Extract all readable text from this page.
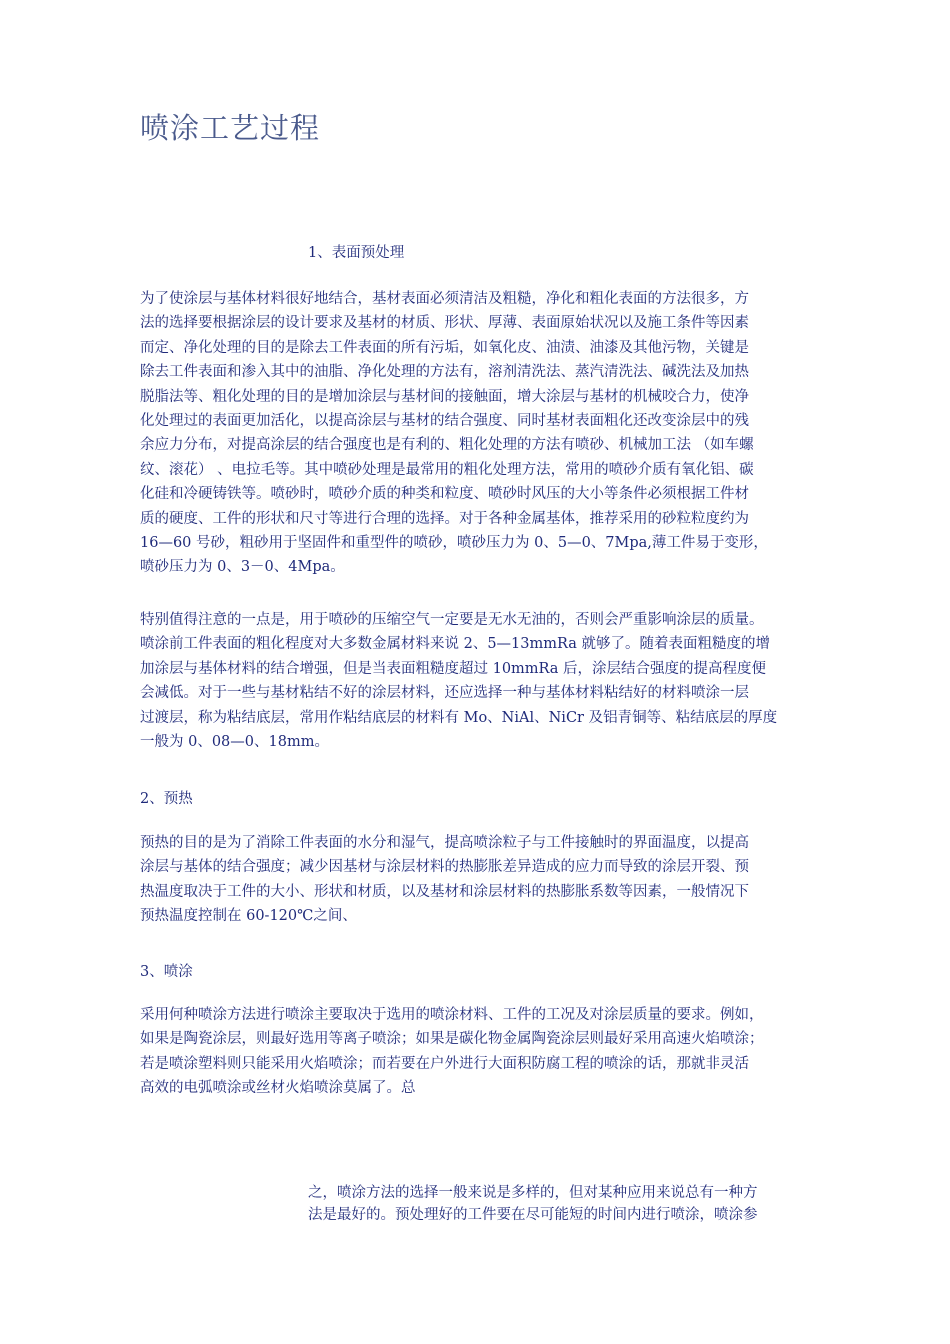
喷涂工艺过程
1、表面预处理
为了使涂层与基体材料很好地结合，基材表面必须清洁及粗糙，净化和粗化表面的方法很多，方
法的选择要根据涂层的设计要求及基材的材质、形状、厚薄、表面原始状况以及施工条件等因素
而定、净化处理的目的是除去工件表面的所有污垢，如氧化皮、油渍、油漆及其他污物，关键是
除去工件表面和渗入其中的油脂、净化处理的方法有，溶剂清洗法、蒸汽清洗法、碱洗法及加热
脱脂法等、粗化处理的目的是增加涂层与基材间的接触面，增大涂层与基材的机械咬合力，使净
化处理过的表面更加活化，以提高涂层与基材的结合强度、同时基材表面粗化还改变涂层中的残
余应力分布，对提高涂层的结合强度也是有利的、粗化处理的方法有喷砂、机械加工法 （如车螺
纹、滚花） 、电拉毛等。其中喷砂处理是最常用的粗化处理方法，常用的喷砂介质有氧化铝、碳
化硅和冷硬铸铁等。喷砂时，喷砂介质的种类和粒度、喷砂时风压的大小等条件必须根据工件材
质的硬度、工件的形状和尺寸等进行合理的选择。对于各种金属基体，推荐采用的砂粒粒度约为
16—60 号砂，粗砂用于坚固件和重型件的喷砂，喷砂压力为 0、5—0、7Mpa,薄工件易于变形，
喷砂压力为 0、3－0、4Mpa。
特别值得注意的一点是，用于喷砂的压缩空气一定要是无水无油的，否则会严重影响涂层的质量。
喷涂前工件表面的粗化程度对大多数金属材料来说 2、5—13mmRa 就够了。随着表面粗糙度的增
加涂层与基体材料的结合增强，但是当表面粗糙度超过 10mmRa 后，涂层结合强度的提高程度便
会减低。对于一些与基材粘结不好的涂层材料，还应选择一种与基体材料粘结好的材料喷涂一层
过渡层，称为粘结底层，常用作粘结底层的材料有 Mo、NiAl、NiCr 及铝青铜等、粘结底层的厚度
一般为 0、08—0、18mm。
2、预热
预热的目的是为了消除工件表面的水分和湿气，提高喷涂粒子与工件接触时的界面温度，以提高
涂层与基体的结合强度；减少因基材与涂层材料的热膨胀差异造成的应力而导致的涂层开裂、预
热温度取决于工件的大小、形状和材质，以及基材和涂层材料的热膨胀系数等因素，一般情况下
预热温度控制在 60-120℃之间、
3、喷涂
采用何种喷涂方法进行喷涂主要取决于选用的喷涂材料、工件的工况及对涂层质量的要求。例如，
如果是陶瓷涂层，则最好选用等离子喷涂；如果是碳化物金属陶瓷涂层则最好采用高速火焰喷涂；
若是喷涂塑料则只能采用火焰喷涂；而若要在户外进行大面积防腐工程的喷涂的话，那就非灵活
高效的电弧喷涂或丝材火焰喷涂莫属了。总
之，喷涂方法的选择一般来说是多样的，但对某种应用来说总有一种方
法是最好的。预处理好的工件要在尽可能短的时间内进行喷涂，喷涂参
